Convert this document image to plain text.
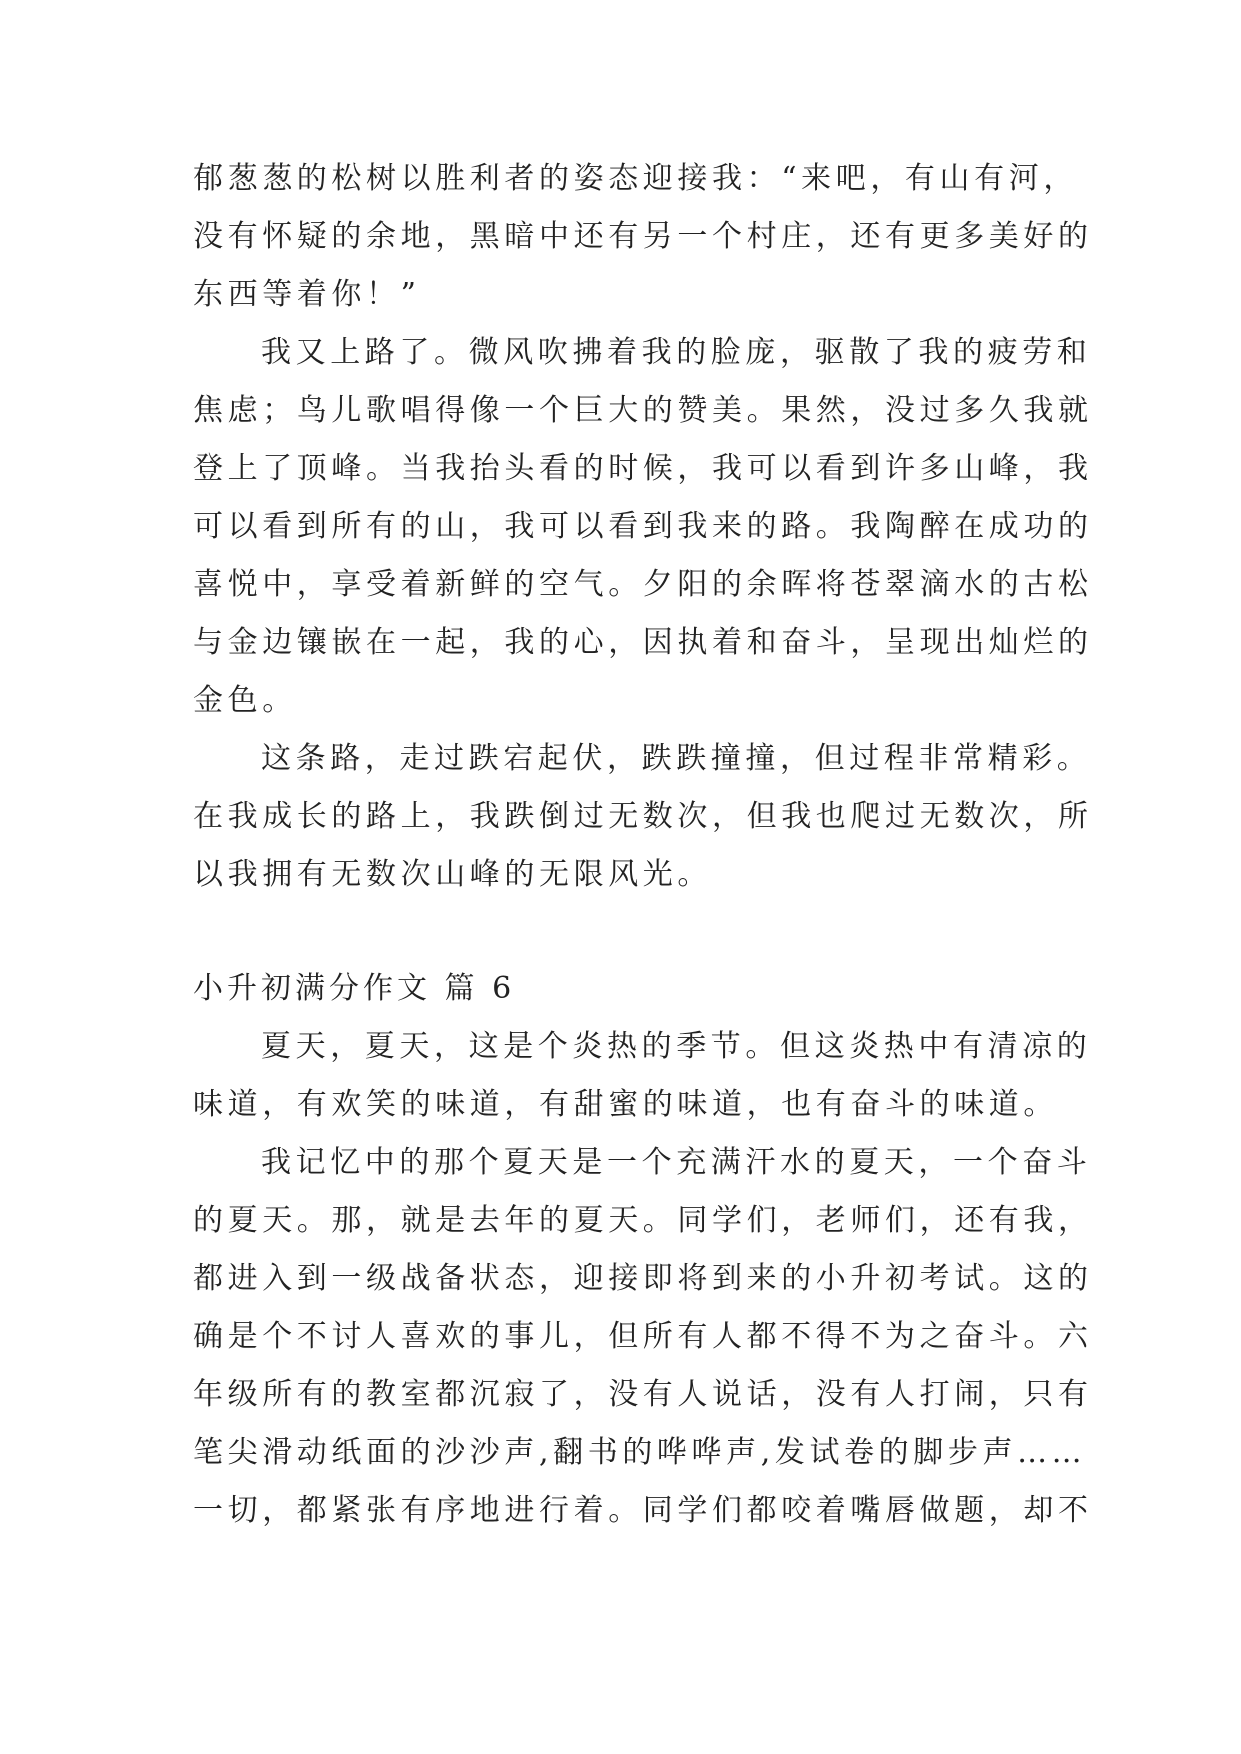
郁葱葱的松树以胜利者的姿态迎接我：“来吧，有山有河，
没有怀疑的余地，黑暗中还有另一个村庄，还有更多美好的
东西等着你！”
我又上路了。微风吹拂着我的脸庞，驱散了我的疲劳和
焦虑；鸟儿歌唱得像一个巨大的赞美。果然，没过多久我就
登上了顶峰。当我抬头看的时候，我可以看到许多山峰，我
可以看到所有的山，我可以看到我来的路。我陶醉在成功的
喜悦中，享受着新鲜的空气。夕阳的余晖将苍翠滴水的古松
与金边镶嵌在一起，我的心，因执着和奋斗，呈现出灿烂的
金色。
这条路，走过跌宕起伏，跌跌撞撞，但过程非常精彩。
在我成长的路上，我跌倒过无数次，但我也爬过无数次，所
以我拥有无数次山峰的无限风光。
小升初满分作文 篇 6
夏天，夏天，这是个炎热的季节。但这炎热中有清凉的
味道，有欢笑的味道，有甜蜜的味道，也有奋斗的味道。
我记忆中的那个夏天是一个充满汗水的夏天，一个奋斗
的夏天。那，就是去年的夏天。同学们，老师们，还有我，
都进入到一级战备状态，迎接即将到来的小升初考试。这的
确是个不讨人喜欢的事儿，但所有人都不得不为之奋斗。六
年级所有的教室都沉寂了，没有人说话，没有人打闹，只有
笔尖滑动纸面的沙沙声,翻书的哗哗声,发试卷的脚步声……
一切，都紧张有序地进行着。同学们都咬着嘴唇做题，却不
